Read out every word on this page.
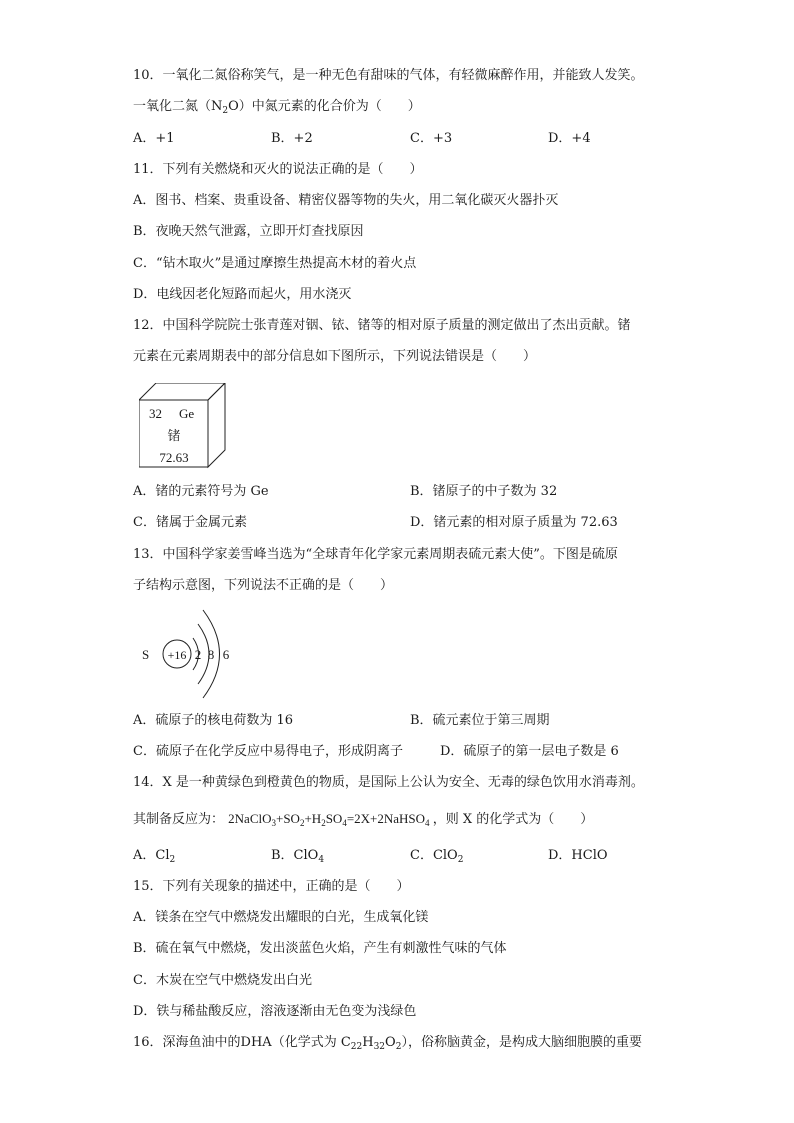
10．一氧化二氮俗称笑气，是一种无色有甜味的气体，有轻微麻醉作用，并能致人发笑。
一氧化二氮$(N_2O)$中氮元素的化合价为（　　）
A．+1	B．+2	C．+3	D．+4
11．下列有关燃烧和灭火的说法正确的是（　　）
A．图书、档案、贵重设备、精密仪器等物的失火，用二氧化碳灭火器扑灭
B．夜晚天然气泄露，立即开灯查找原因
C．“钻木取火”是通过摩擦生热提高木材的着火点
D．电线因老化短路而起火，用水浇灭
12．中国科学院院士张青莲对铟、铱、锗等的相对原子质量的测定做出了杰出贡献。锗
元素在元素周期表中的部分信息如下图所示，下列说法错误是（　　）
32 Ge
锗
72.63
A．锗的元素符号为 Ge	B．锗原子的中子数为 32
C．锗属于金属元素	D．锗元素的相对原子质量为 72.63
13．中国科学家姜雪峰当选为“全球青年化学家元素周期表硫元素大使”。下图是硫原
子结构示意图，下列说法不正确的是（　　）
S +16 2 8 6
A．硫原子的核电荷数为 16	B．硫元素位于第三周期
C．硫原子在化学反应中易得电子，形成阴离子	D．硫原子的第一层电子数是 6
14．X 是一种黄绿色到橙黄色的物质，是国际上公认为安全、无毒的绿色饮用水消毒剂。
其制备反应为： $2NaClO_3+SO_2+H_2SO_4=2X+2NaHSO_4$ ，则 X 的化学式为（　　）
A．$Cl_2$	B．ClO$_4$	C．ClO$_2$	D．HClO
15．下列有关现象的描述中，正确的是（　　）
A．镁条在空气中燃烧发出耀眼的白光，生成氧化镁
B．硫在氧气中燃烧，发出淡蓝色火焰，产生有刺激性气味的气体
C．木炭在空气中燃烧发出白光
D．铁与稀盐酸反应，溶液逐渐由无色变为浅绿色
16．深海鱼油中的DHA（化学式为 $C_{22}H_{32}O_2$），俗称脑黄金，是构成大脑细胞膜的重要
